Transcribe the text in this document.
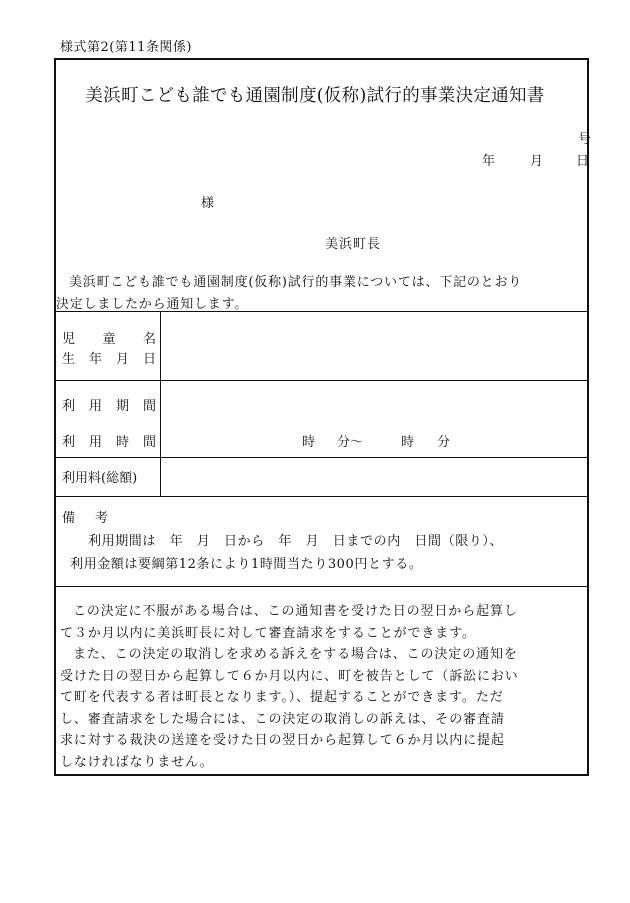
様式第2(第11条関係)
美浜町こども誰でも通園制度(仮称)試行的事業決定通知書
号
年	月	日
様
美浜町長

美浜町こども誰でも通園制度(仮称)試行的事業については、下記のとおり

決定しましたから通知します。

児 童 名
生 年 月 日
利 用 期 間
利 用 時 間	時 分～	時 分
利用料(総額)
備 考
利用期間は　年　月　日から　年　月　日までの内　日間（限り）、
利用金額は要綱第12条により1時間当たり300円とする。

この決定に不服がある場合は、この通知書を受けた日の翌日から起算し

て３か月以内に美浜町長に対して審査請求をすることができます。

また、この決定の取消しを求める訴えをする場合は、この決定の通知を

受けた日の翌日から起算して６か月以内に、町を被告として（訴訟におい

て町を代表する者は町長となります。）、提起することができます。ただ

し、審査請求をした場合には、この決定の取消しの訴えは、その審査請

求に対する裁決の送達を受けた日の翌日から起算して６か月以内に提起

しなければなりません。
